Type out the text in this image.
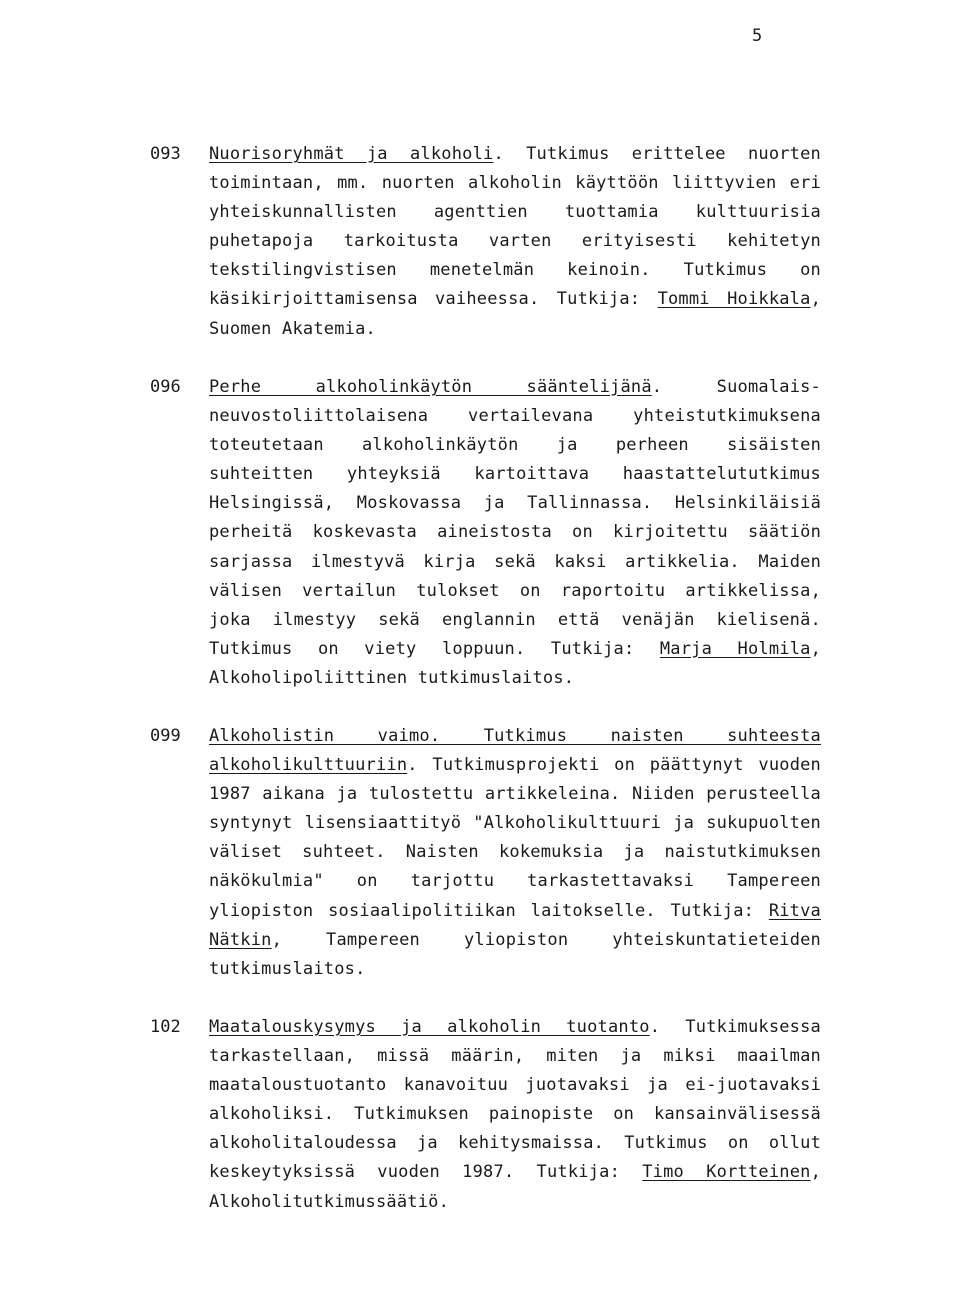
5
093	Nuorisoryhmät ja alkoholi. Tutkimus erittelee nuorten toimintaan, mm. nuorten alkoholin käyttöön liittyvien eri yhteiskunnallisten agenttien tuottamia kulttuurisia puhetapoja tarkoitusta varten erityisesti kehitetyn tekstilingvistisen menetelmän keinoin. Tutkimus on käsikirjoittamisensa vaiheessa. Tutkija: Tommi Hoikkala, Suomen Akatemia.
096	Perhe alkoholinkäytön sääntelijänä. Suomalais-neuvostoliittolaisena vertailevana yhteistutkimuksena toteutetaan alkoholinkäytön ja perheen sisäisten suhteitten yhteyksiä kartoittava haastattelututkimus Helsingissä, Moskovassa ja Tallinnassa. Helsinkiläisiä perheitä koskevasta aineistosta on kirjoitettu säätiön sarjassa ilmestyvä kirja sekä kaksi artikkelia. Maiden välisen vertailun tulokset on raportoitu artikkelissa, joka ilmestyy sekä englannin että venäjän kielisenä. Tutkimus on viety loppuun. Tutkija: Marja Holmila, Alkoholipoliittinen tutkimuslaitos.
099	Alkoholistin vaimo. Tutkimus naisten suhteesta alkoholikulttuuriin. Tutkimusprojekti on päättynyt vuoden 1987 aikana ja tulostettu artikkeleina. Niiden perusteella syntynyt lisensiaattityö "Alkoholikulttuuri ja sukupuolten väliset suhteet. Naisten kokemuksia ja naistutkimuksen näkökulmia" on tarjottu tarkastettavaksi Tampereen yliopiston sosiaalipolitiikan laitokselle. Tutkija: Ritva Nätkin, Tampereen yliopiston yhteiskuntatieteiden tutkimuslaitos.
102	Maatalouskysymys ja alkoholin tuotanto. Tutkimuksessa tarkastellaan, missä määrin, miten ja miksi maailman maataloustuotanto kanavoituu juotavaksi ja ei-juotavaksi alkoholiksi. Tutkimuksen painopiste on kansainvälisessä alkoholitaloudessa ja kehitysmaissa. Tutkimus on ollut keskeytyksissä vuoden 1987. Tutkija: Timo Kortteinen, Alkoholitutkimussäätiö.
